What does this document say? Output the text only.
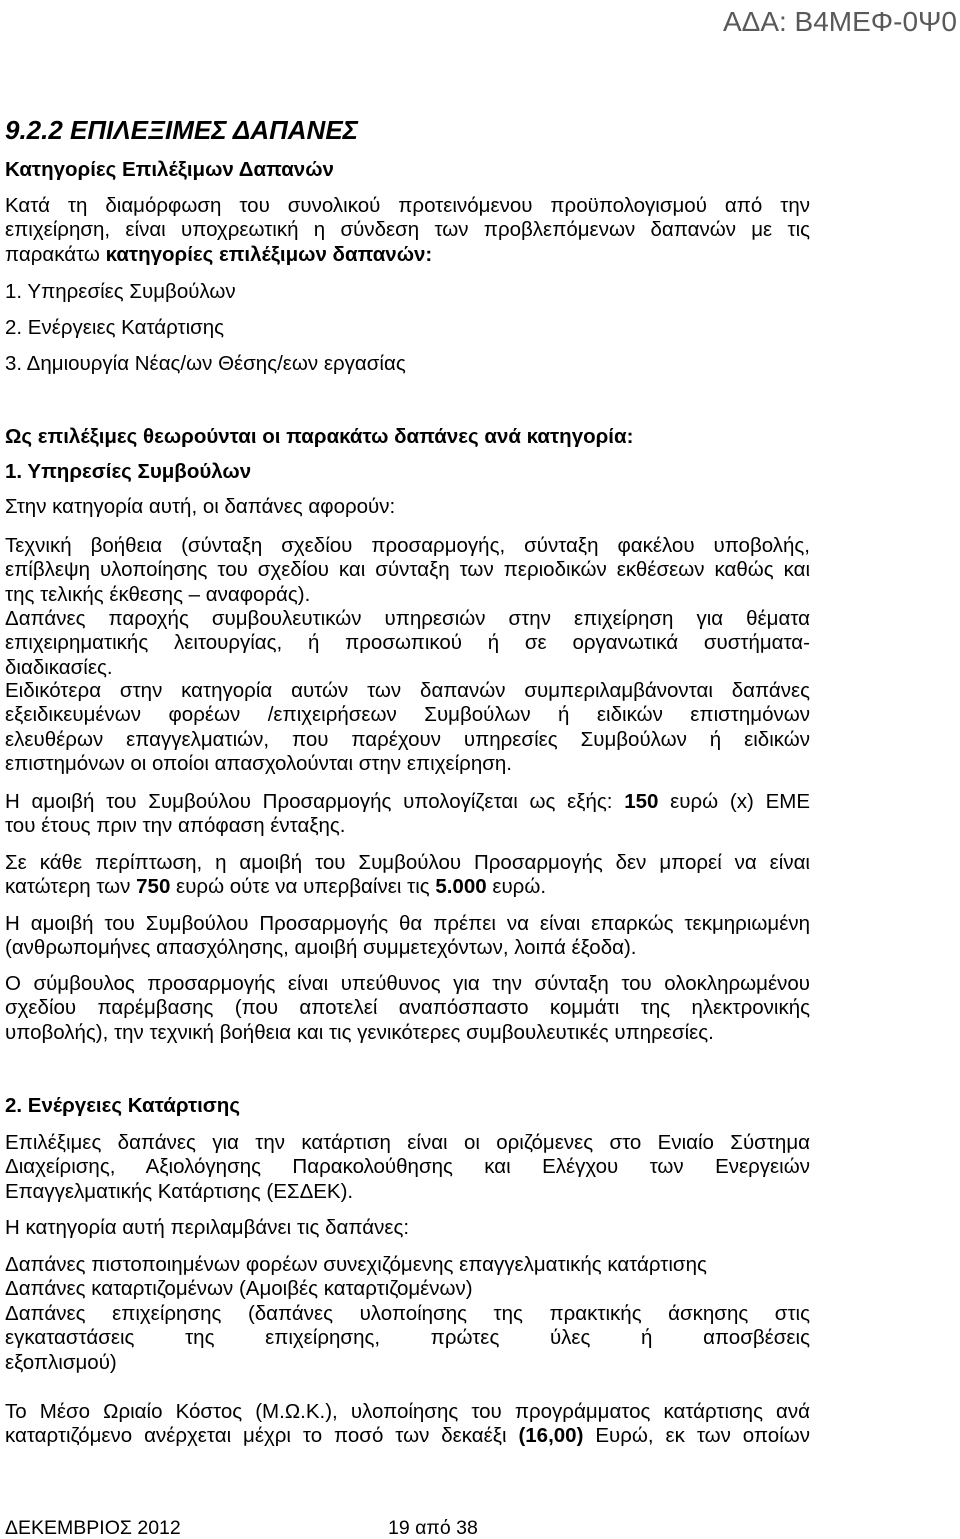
ΑΔΑ: Β4ΜΕΦ-0Ψ0
9.2.2 ΕΠΙΛΕΞΙΜΕΣ ΔΑΠΑΝΕΣ
Κατηγορίες Επιλέξιμων Δαπανών
Κατά τη διαμόρφωση του συνολικού προτεινόμενου προϋπολογισμού από την
επιχείρηση, είναι υποχρεωτική η σύνδεση των προβλεπόμενων δαπανών με τις
παρακάτω κατηγορίες επιλέξιμων δαπανών:
1. Υπηρεσίες Συμβούλων
2. Ενέργειες Κατάρτισης
3. Δημιουργία Νέας/ων Θέσης/εων εργασίας
Ως επιλέξιμες θεωρούνται οι παρακάτω δαπάνες ανά κατηγορία:
1. Υπηρεσίες Συμβούλων
Στην κατηγορία αυτή, οι δαπάνες αφορούν:
Τεχνική βοήθεια (σύνταξη σχεδίου προσαρμογής, σύνταξη φακέλου υποβολής,
επίβλεψη υλοποίησης του σχεδίου και σύνταξη των περιοδικών εκθέσεων καθώς και
της τελικής έκθεσης – αναφοράς).
Δαπάνες παροχής συμβουλευτικών υπηρεσιών στην επιχείρηση για θέματα
επιχειρηματικής λειτουργίας, ή προσωπικού ή σε οργανωτικά συστήματα-
διαδικασίες.
Ειδικότερα στην κατηγορία αυτών των δαπανών συμπεριλαμβάνονται δαπάνες
εξειδικευμένων φορέων /επιχειρήσεων Συμβούλων ή ειδικών επιστημόνων
ελευθέρων επαγγελματιών, που παρέχουν υπηρεσίες Συμβούλων ή ειδικών
επιστημόνων οι οποίοι απασχολούνται στην επιχείρηση.
Η αμοιβή του Συμβούλου Προσαρμογής υπολογίζεται ως εξής: 150 ευρώ (x) ΕΜΕ
του έτους πριν την απόφαση ένταξης.
Σε κάθε περίπτωση, η αμοιβή του Συμβούλου Προσαρμογής δεν μπορεί να είναι
κατώτερη των 750 ευρώ ούτε να υπερβαίνει τις 5.000 ευρώ.
Η αμοιβή του Συμβούλου Προσαρμογής θα πρέπει να είναι επαρκώς τεκμηριωμένη
(ανθρωπομήνες απασχόλησης, αμοιβή συμμετεχόντων, λοιπά έξοδα).
Ο σύμβουλος προσαρμογής είναι υπεύθυνος για την σύνταξη του ολοκληρωμένου
σχεδίου παρέμβασης (που αποτελεί αναπόσπαστο κομμάτι της ηλεκτρονικής
υποβολής), την τεχνική βοήθεια και τις γενικότερες συμβουλευτικές υπηρεσίες.
2. Ενέργειες Κατάρτισης
Επιλέξιμες δαπάνες για την κατάρτιση είναι οι οριζόμενες στο Ενιαίο Σύστημα
Διαχείρισης, Αξιολόγησης Παρακολούθησης και Ελέγχου των Ενεργειών
Επαγγελματικής Κατάρτισης (ΕΣΔΕΚ).
Η κατηγορία αυτή περιλαμβάνει τις δαπάνες:
Δαπάνες πιστοποιημένων φορέων συνεχιζόμενης επαγγελματικής κατάρτισης
Δαπάνες καταρτιζομένων (Αμοιβές καταρτιζομένων)
Δαπάνες επιχείρησης (δαπάνες υλοποίησης της πρακτικής άσκησης στις
εγκαταστάσεις της επιχείρησης, πρώτες ύλες ή αποσβέσεις
εξοπλισμού)
Το Μέσο Ωριαίο Κόστος (Μ.Ω.Κ.), υλοποίησης του προγράμματος κατάρτισης ανά
καταρτιζόμενο ανέρχεται μέχρι το ποσό των δεκαέξι (16,00) Ευρώ, εκ των οποίων
ΔΕΚΕΜΒΡΙΟΣ 2012	19 από 38
